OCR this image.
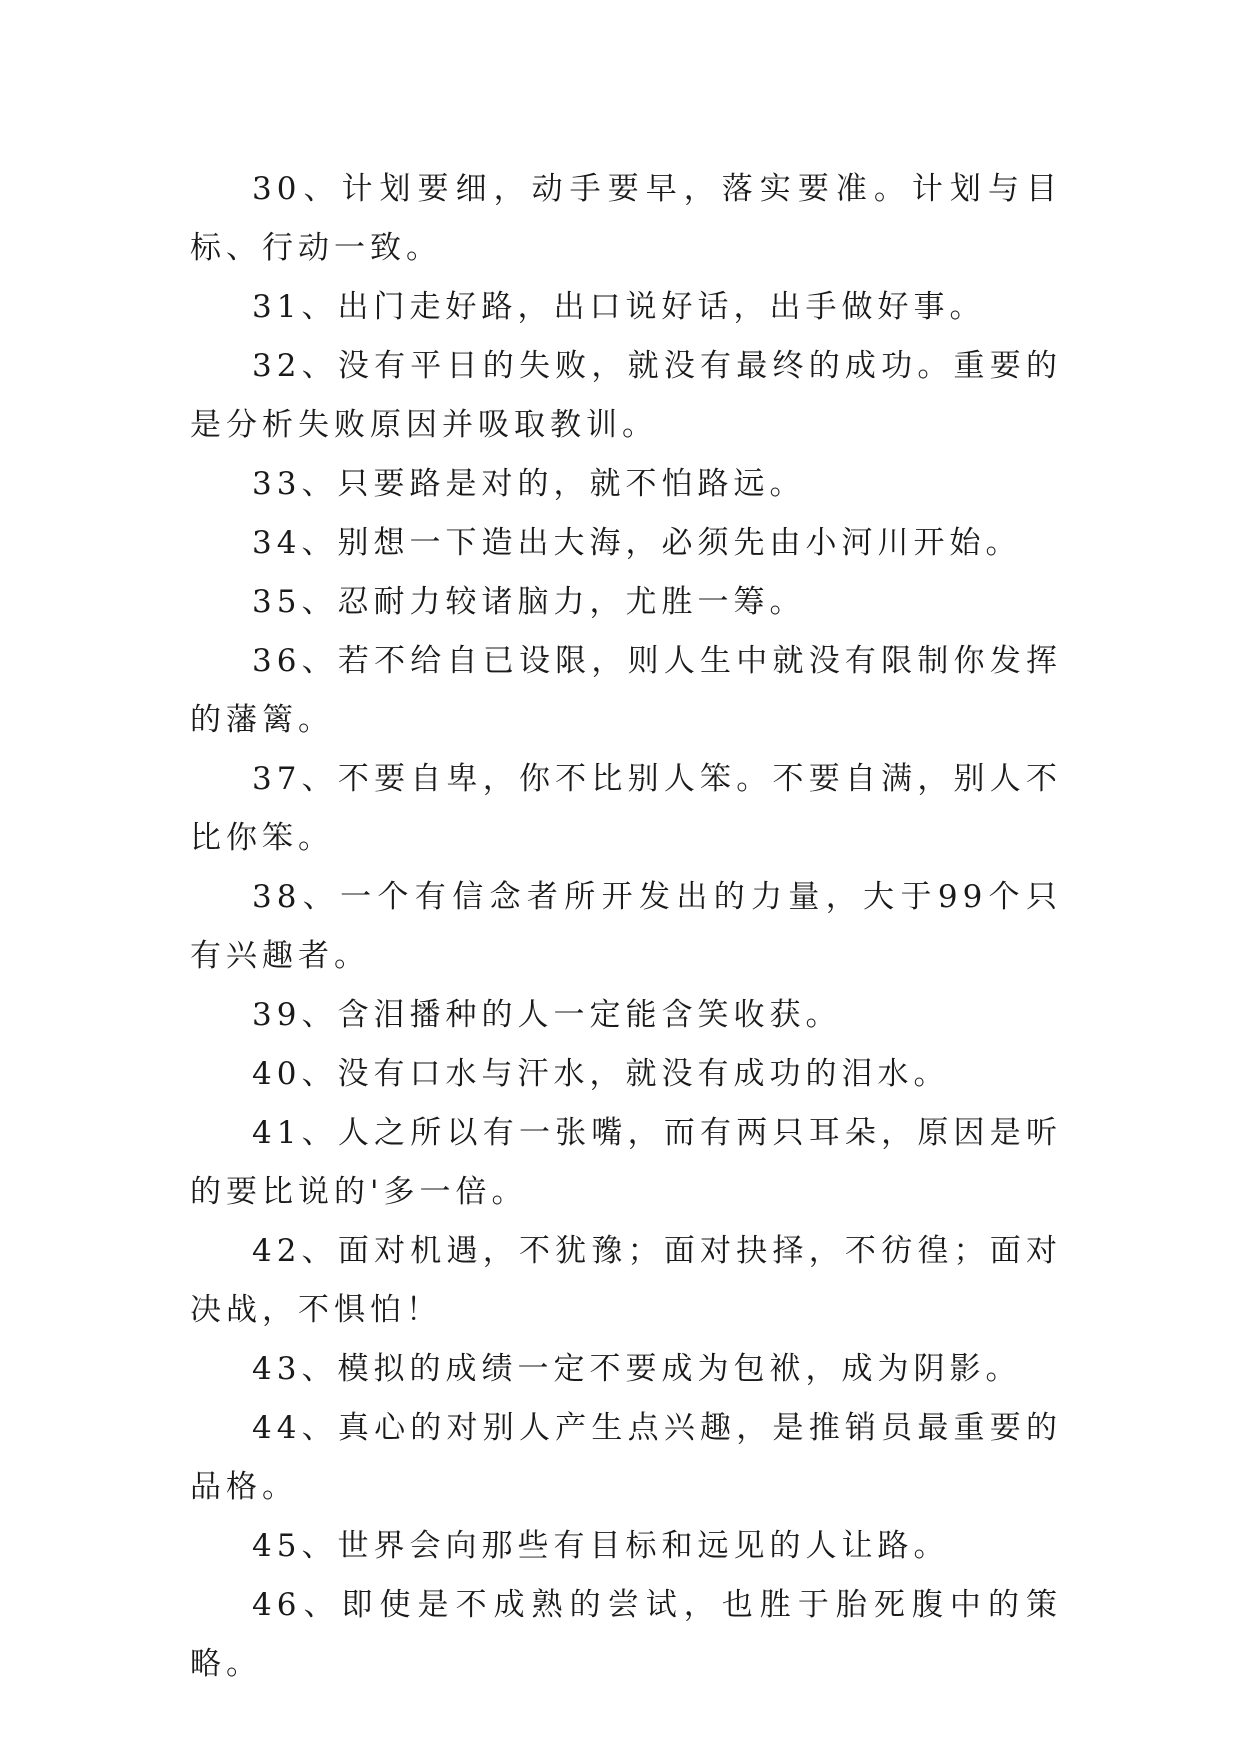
30、计划要细，动手要早，落实要准。计划与目标、行动一致。

31、出门走好路，出口说好话，出手做好事。

32、没有平日的失败，就没有最终的成功。重要的是分析失败原因并吸取教训。

33、只要路是对的，就不怕路远。

34、别想一下造出大海，必须先由小河川开始。

35、忍耐力较诸脑力，尤胜一筹。

36、若不给自已设限，则人生中就没有限制你发挥的藩篱。

37、不要自卑，你不比别人笨。不要自满，别人不比你笨。

38、一个有信念者所开发出的力量，大于99个只有兴趣者。

39、含泪播种的人一定能含笑收获。

40、没有口水与汗水，就没有成功的泪水。

41、人之所以有一张嘴，而有两只耳朵，原因是听的要比说的'多一倍。

42、面对机遇，不犹豫；面对抉择，不彷徨；面对决战，不惧怕！

43、模拟的成绩一定不要成为包袱，成为阴影。

44、真心的对别人产生点兴趣，是推销员最重要的品格。

45、世界会向那些有目标和远见的人让路。

46、即使是不成熟的尝试，也胜于胎死腹中的策略。
